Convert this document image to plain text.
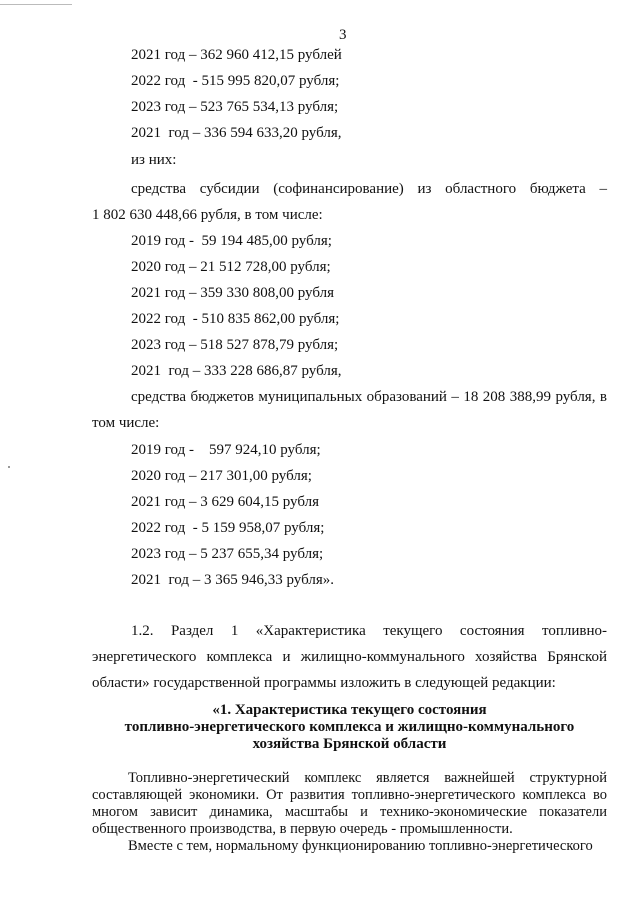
3
2021 год – 362 960 412,15 рублей
2022 год  - 515 995 820,07 рубля;
2023 год – 523 765 534,13 рубля;
2021  год – 336 594 633,20 рубля,
из них:
средства субсидии (софинансирование) из областного бюджета –
1 802 630 448,66 рубля, в том числе:
2019 год -  59 194 485,00 рубля;
2020 год – 21 512 728,00 рубля;
2021 год – 359 330 808,00 рубля
2022 год  - 510 835 862,00 рубля;
2023 год – 518 527 878,79 рубля;
2021  год – 333 228 686,87 рубля,
средства бюджетов муниципальных образований – 18 208 388,99 рубля, в
том числе:
2019 год -    597 924,10 рубля;
2020 год – 217 301,00 рубля;
2021 год – 3 629 604,15 рубля
2022 год  - 5 159 958,07 рубля;
2023 год – 5 237 655,34 рубля;
2021  год – 3 365 946,33 рубля».
1.2. Раздел 1 «Характеристика текущего состояния топливно-
энергетического комплекса и жилищно-коммунального хозяйства Брянской
области» государственной программы изложить в следующей редакции:
«1. Характеристика текущего состояния
топливно-энергетического комплекса и жилищно-коммунального
хозяйства Брянской области
Топливно-энергетический комплекс является важнейшей структурной составляющей экономики. От развития топливно-энергетического комплекса во многом зависит динамика, масштабы и технико-экономические показатели общественного производства, в первую очередь - промышленности.
Вместе с тем, нормальному функционированию топливно-энергетического
